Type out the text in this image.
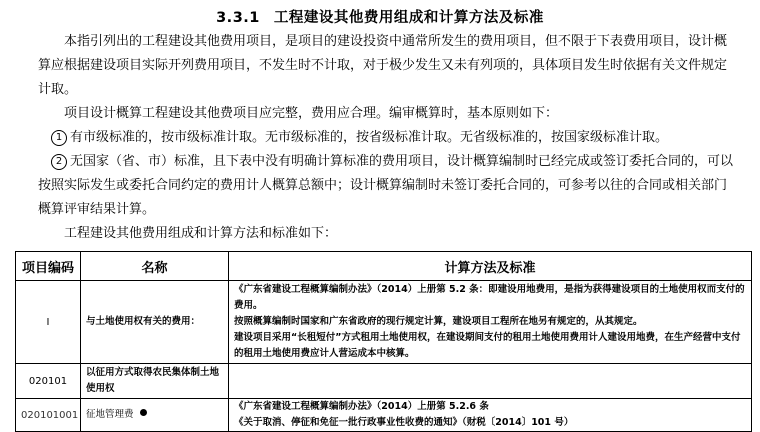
3.3.1 工程建设其他费用组成和计算方法及标准
本指引列出的工程建设其他费用项目，是项目的建设投资中通常所发生的费用项目，但不限于下表费用项目，设计概算应根据建设项目实际开列费用项目，不发生时不计取，对于极少发生又未有列项的，具体项目发生时依据有关文件规定计取。
项目设计概算工程建设其他费项目应完整，费用应合理。编审概算时，基本原则如下：
1 有市级标准的，按市级标准计取。无市级标准的，按省级标准计取。无省级标准的，按国家级标准计取。
2 无国家（省、市）标准，且下表中没有明确计算标准的费用项目，设计概算编制时已经完成或签订委托合同的，可以按照实际发生或委托合同约定的费用计人概算总额中；设计概算编制时未签订委托合同的，可参考以往的合同或相关部门概算评审结果计算。
工程建设其他费用组成和计算方法和标准如下：
项目编码	名称	计算方法及标准
I	与土地使用权有关的费用：	《广东省建设工程概算编制办法》（2014）上册第 5.2 条：即建设用地费用，是指为获得建设项目的土地使用权而支付的费用。
按照概算编制时国家和广东省政府的现行规定计算，建设项目工程所在地另有规定的，从其规定。
建设项目采用“长租短付”方式租用土地使用权，在建设期间支付的租用土地使用费用计人建设用地费，在生产经营中支付的租用土地使用费应计人营运成本中核算。

020101	以征用方式取得农民集体制土地使用权	
020101001	征地管理费	《广东省建设工程概算编制办法》（2014）上册第 5.2.6 条
《关于取消、停征和免征一批行政事业性收费的通知》（财税〔2014〕101 号）
